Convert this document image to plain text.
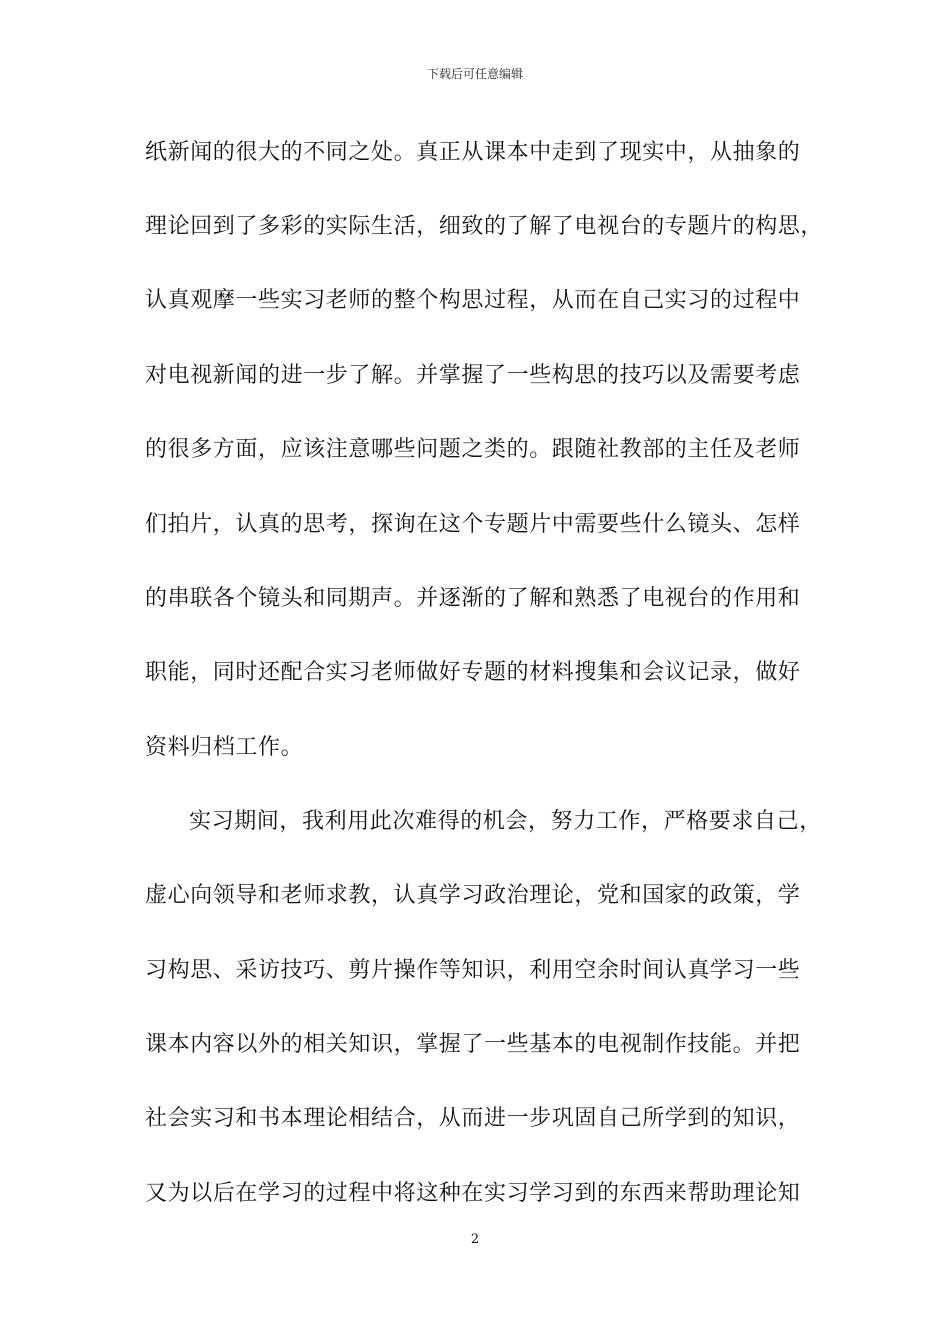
下载后可任意编辑
纸新闻的很大的不同之处。真正从课本中走到了现实中，从抽象的
理论回到了多彩的实际生活，细致的了解了电视台的专题片的构思，
认真观摩一些实习老师的整个构思过程，从而在自己实习的过程中
对电视新闻的进一步了解。并掌握了一些构思的技巧以及需要考虑
的很多方面，应该注意哪些问题之类的。跟随社教部的主任及老师
们拍片，认真的思考，探询在这个专题片中需要些什么镜头、怎样
的串联各个镜头和同期声。并逐渐的了解和熟悉了电视台的作用和
职能，同时还配合实习老师做好专题的材料搜集和会议记录，做好
资料归档工作。
实习期间，我利用此次难得的机会，努力工作，严格要求自己，
虚心向领导和老师求教，认真学习政治理论，党和国家的政策，学
习构思、采访技巧、剪片操作等知识，利用空余时间认真学习一些
课本内容以外的相关知识，掌握了一些基本的电视制作技能。并把
社会实习和书本理论相结合，从而进一步巩固自己所学到的知识，
又为以后在学习的过程中将这种在实习学习到的东西来帮助理论知
2
